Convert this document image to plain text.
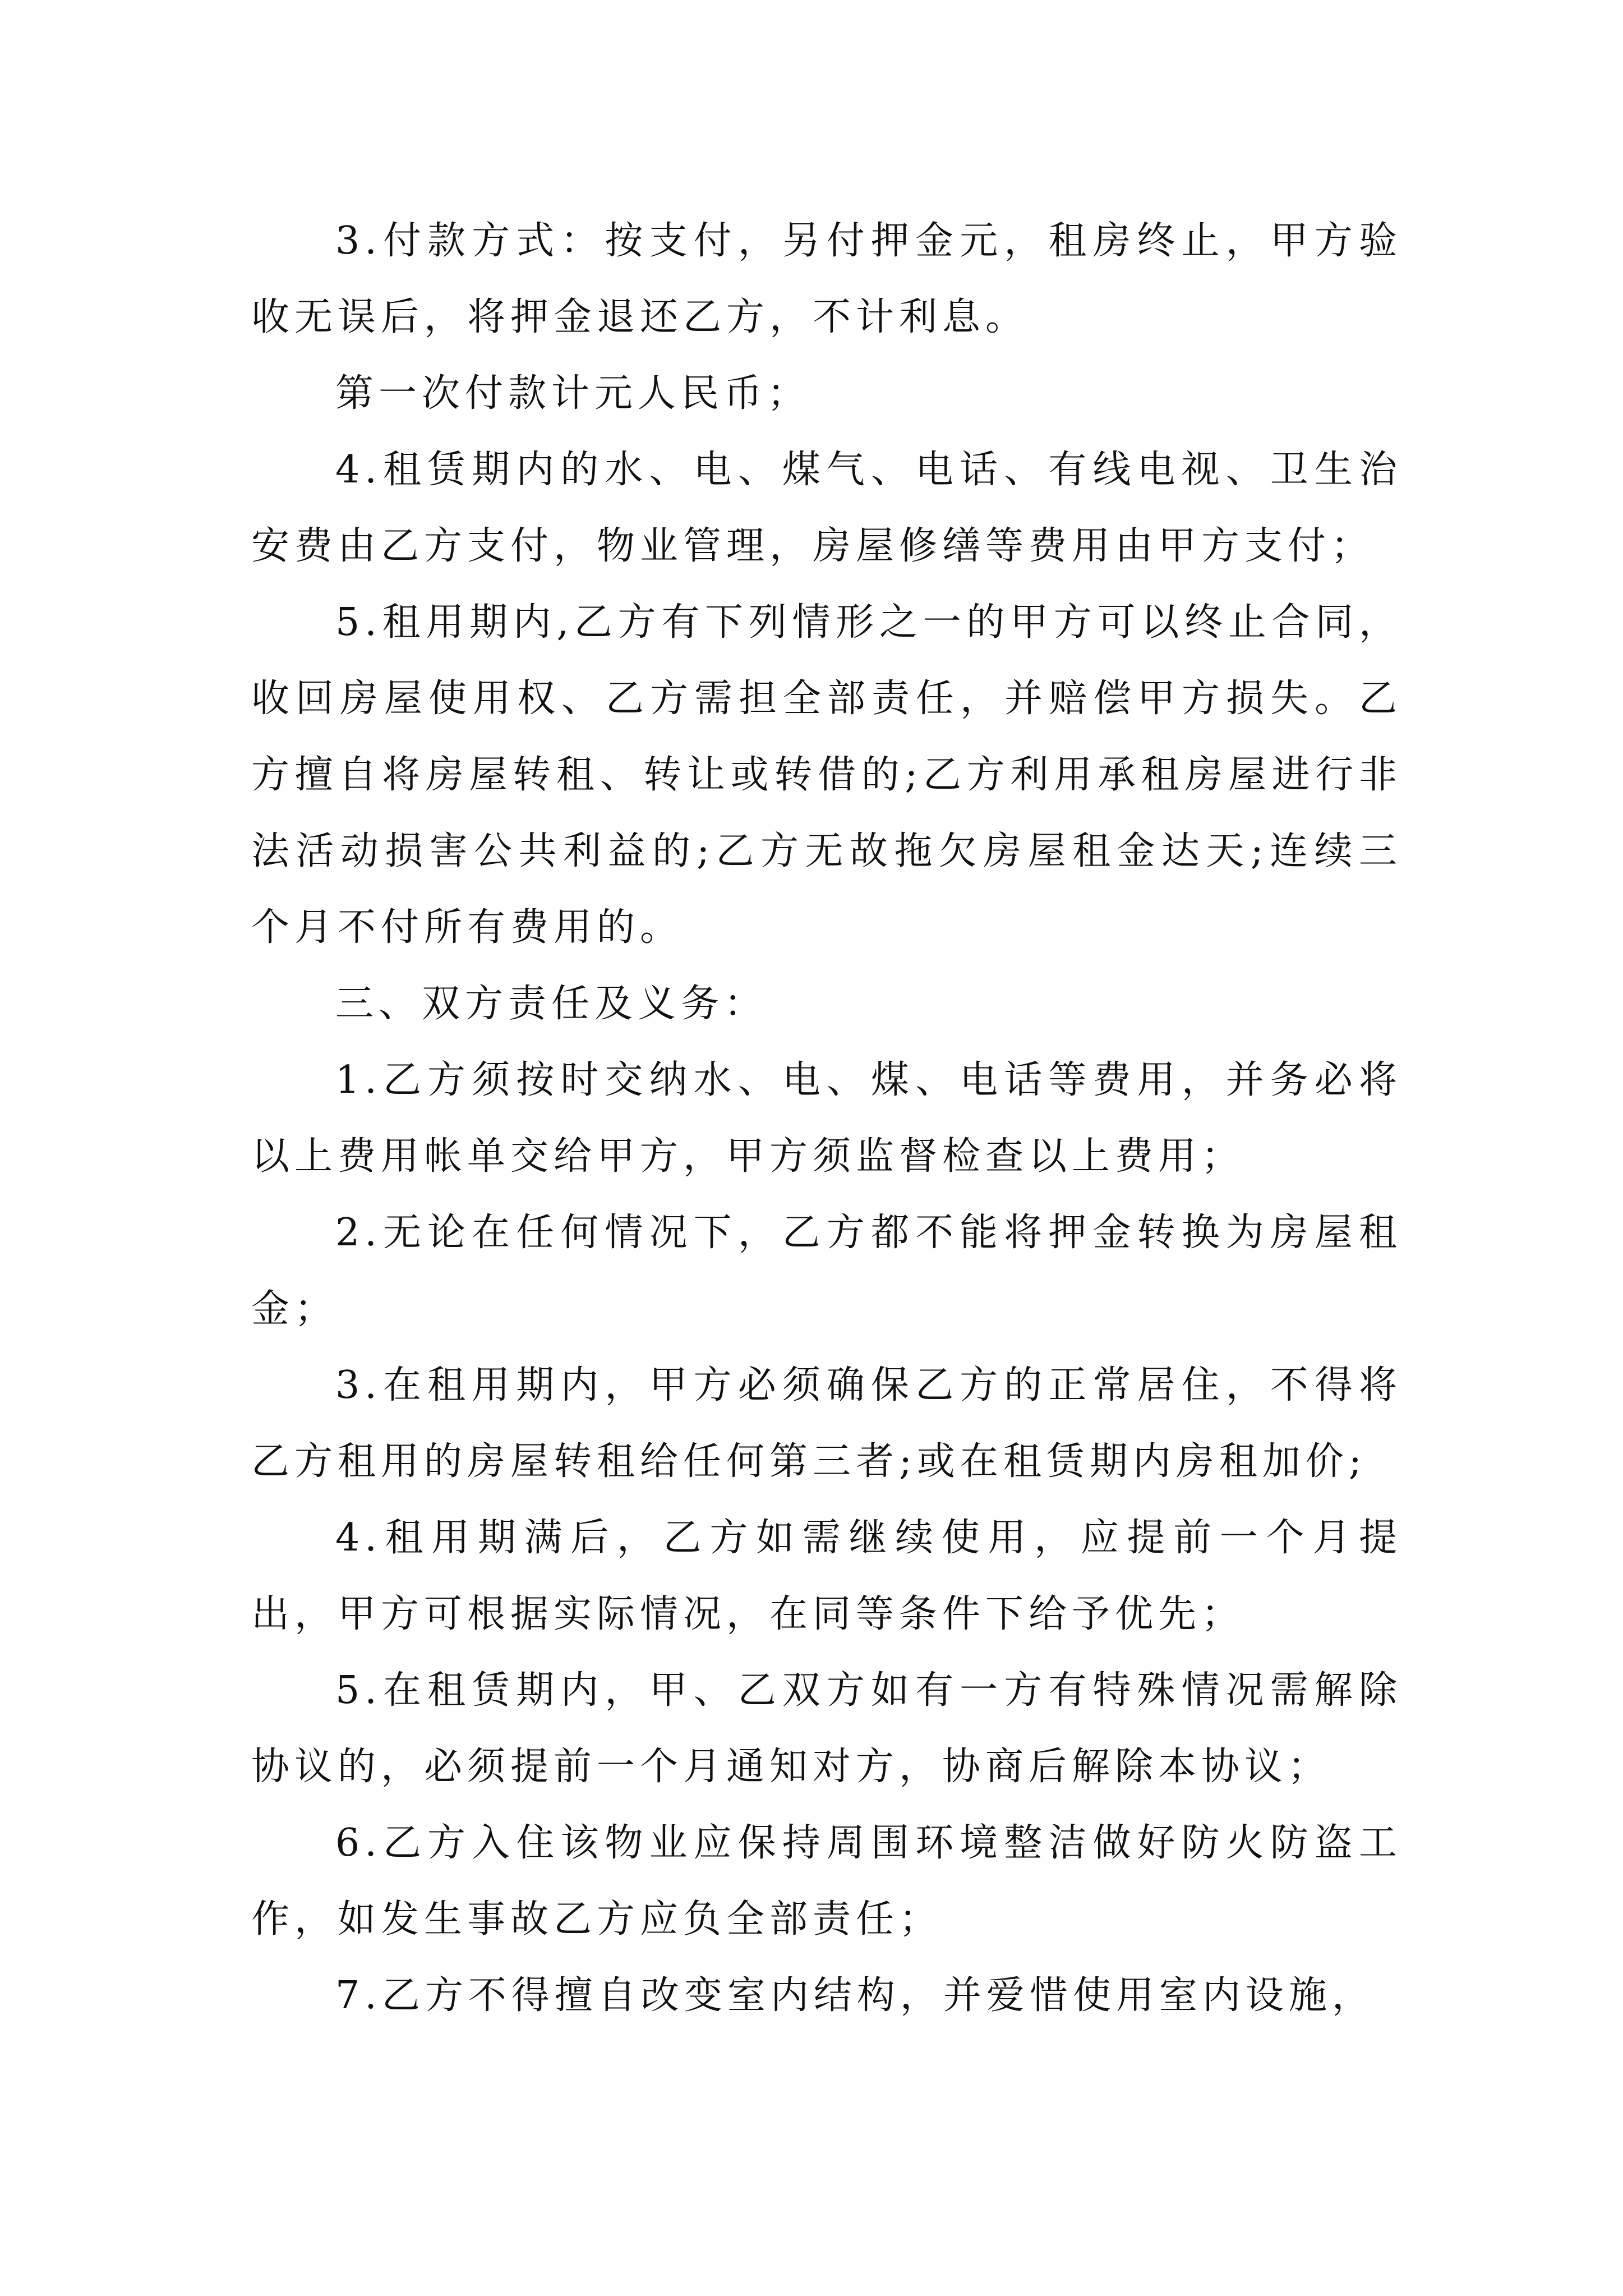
3.付款方式：按支付，另付押金元，租房终止，甲方验收无误后，将押金退还乙方，不计利息。

第一次付款计元人民币；

4.租赁期内的水、电、煤气、电话、有线电视、卫生治安费由乙方支付，物业管理，房屋修缮等费用由甲方支付；

5.租用期内,乙方有下列情形之一的甲方可以终止合同，收回房屋使用权、乙方需担全部责任，并赔偿甲方损失。乙方擅自将房屋转租、转让或转借的;乙方利用承租房屋进行非法活动损害公共利益的;乙方无故拖欠房屋租金达天;连续三个月不付所有费用的。

三、双方责任及义务：

1.乙方须按时交纳水、电、煤、电话等费用，并务必将以上费用帐单交给甲方，甲方须监督检查以上费用；

2.无论在任何情况下，乙方都不能将押金转换为房屋租金；

3.在租用期内，甲方必须确保乙方的正常居住，不得将乙方租用的房屋转租给任何第三者;或在租赁期内房租加价;

4.租用期满后，乙方如需继续使用，应提前一个月提出，甲方可根据实际情况，在同等条件下给予优先；

5.在租赁期内，甲、乙双方如有一方有特殊情况需解除协议的，必须提前一个月通知对方，协商后解除本协议；

6.乙方入住该物业应保持周围环境整洁做好防火防盗工作，如发生事故乙方应负全部责任；

7.乙方不得擅自改变室内结构，并爱惜使用室内设施，
